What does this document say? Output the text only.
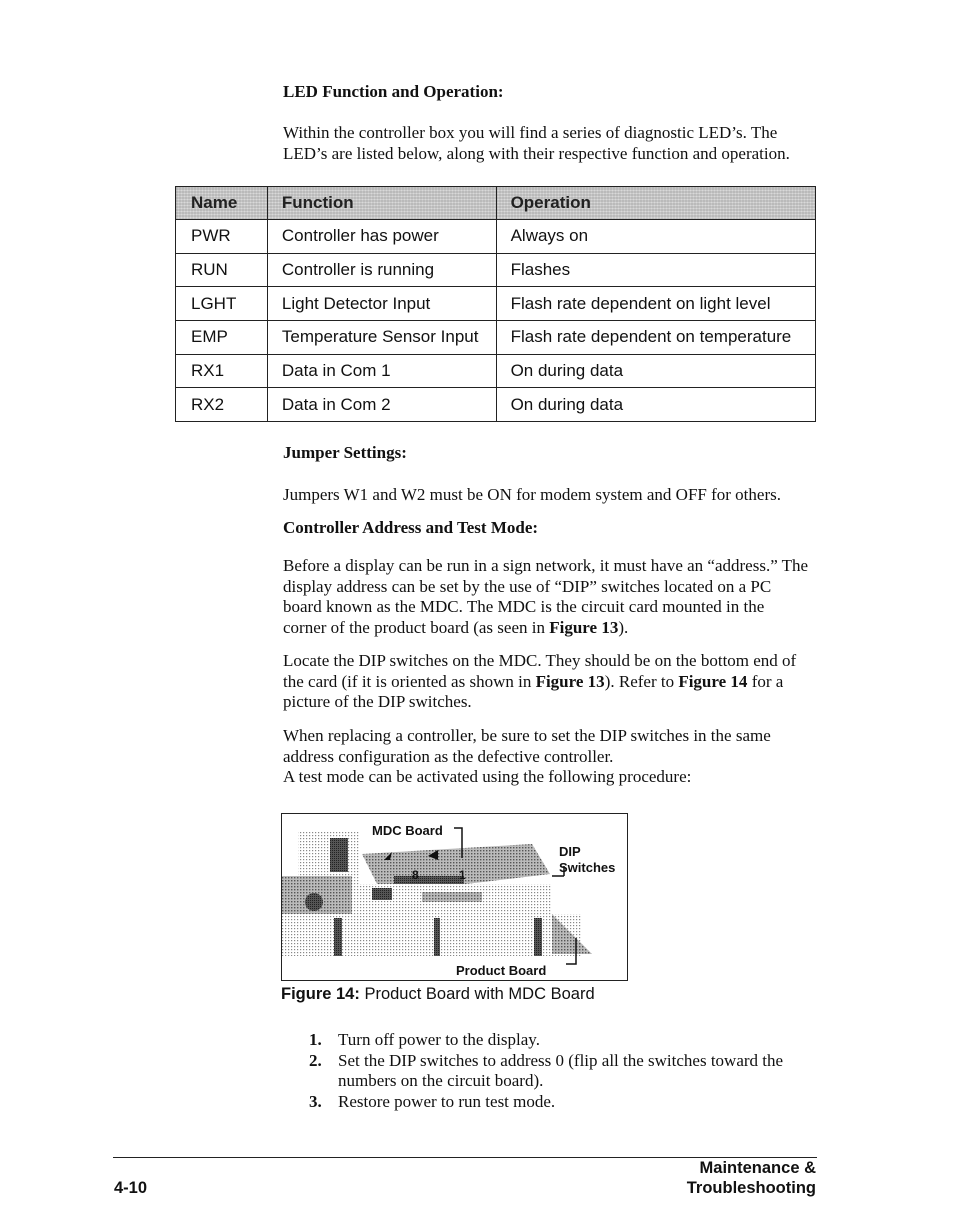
LED Function and Operation:
Within the controller box you will find a series of diagnostic LED’s. The
LED’s are listed below, along with their respective function and operation.
Name	Function	Operation
PWR	Controller has power	Always on
RUN	Controller is running	Flashes
LGHT	Light Detector Input	Flash rate dependent on light level
EMP	Temperature Sensor Input	Flash rate dependent on temperature
RX1	Data in Com 1	On during data
RX2	Data in Com 2	On during data
Jumper Settings:
Jumpers W1 and W2 must be ON for modem system and OFF for others.
Controller Address and Test Mode:
Before a display can be run in a sign network, it must have an “address.” The
display address can be set by the use of “DIP” switches located on a PC
board known as the MDC. The MDC is the circuit card mounted in the
corner of the product board (as seen in Figure 13).
Locate the DIP switches on the MDC. They should be on the bottom end of
the card (if it is oriented as shown in Figure 13). Refer to Figure 14 for a
picture of the DIP switches.
When replacing a controller, be sure to set the DIP switches in the same
address configuration as the defective controller.
A test mode can be activated using the following procedure:
MDC Board
DIP
Switches
Product Board
8	1
Figure 14: Product Board with MDC Board
1. Turn off power to the display.
2. Set the DIP switches to address 0 (flip all the switches toward the numbers on the circuit board).
3. Restore power to run test mode.
4-10
Maintenance &
Troubleshooting
